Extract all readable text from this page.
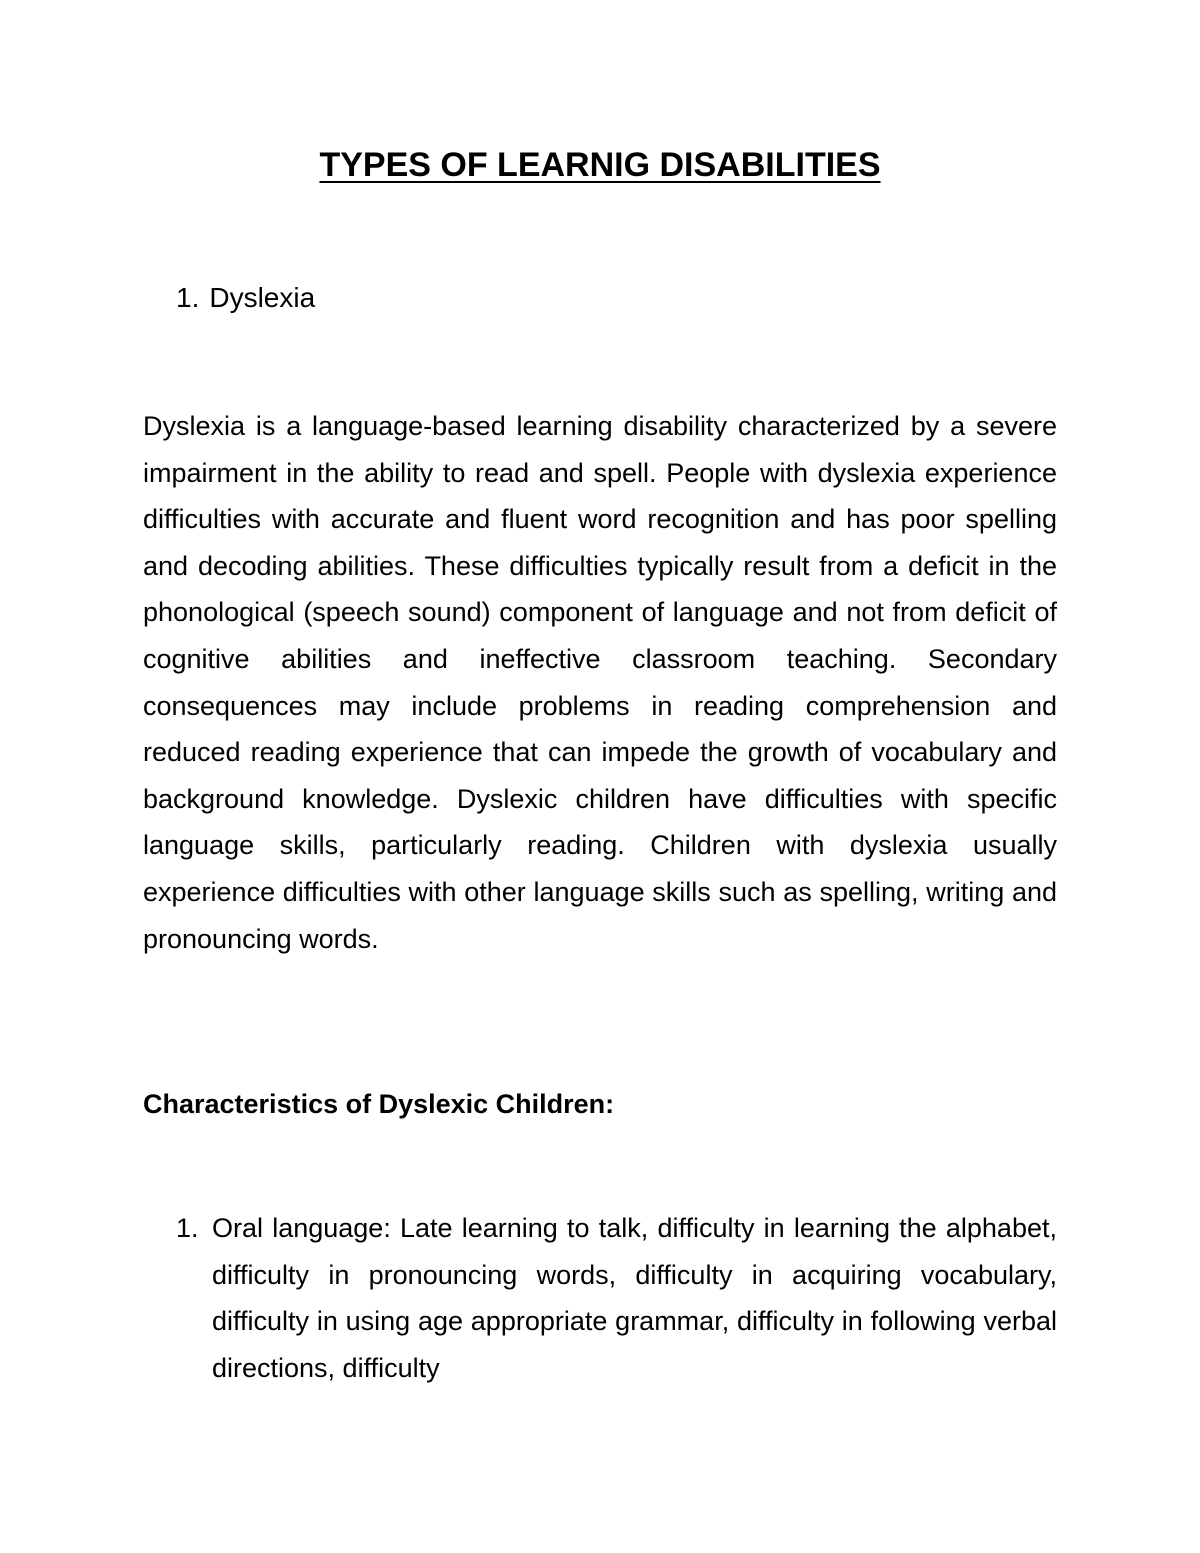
TYPES OF LEARNIG DISABILITIES
1. Dyslexia

Dyslexia is a language-based learning disability characterized by a severe impairment in the ability to read and spell. People with dyslexia experience difficulties with accurate and fluent word recognition and has poor spelling and decoding abilities. These difficulties typically result from a deficit in the phonological (speech sound) component of language and not from deficit of cognitive abilities and ineffective classroom teaching. Secondary consequences may include problems in reading comprehension and reduced reading experience that can impede the growth of vocabulary and background knowledge. Dyslexic children have difficulties with specific language skills, particularly reading. Children with dyslexia usually experience difficulties with other language skills such as spelling, writing and pronouncing words.

Characteristics of Dyslexic Children:

1. Oral language: Late learning to talk, difficulty in learning the alphabet, difficulty in pronouncing words, difficulty in acquiring vocabulary, difficulty in using age appropriate grammar, difficulty in following verbal directions, difficulty
